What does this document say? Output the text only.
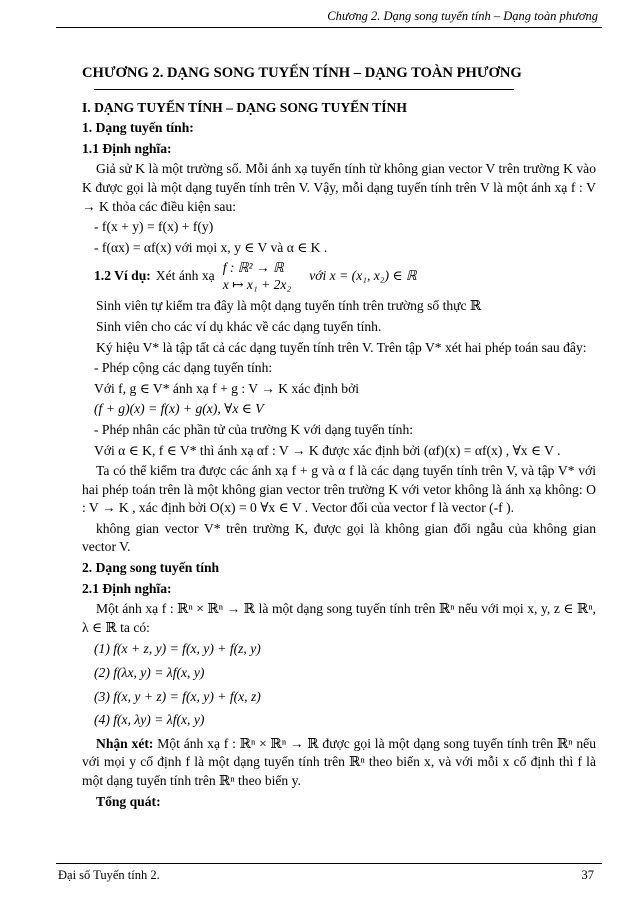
Chương 2. Dạng song tuyến tính – Dạng toàn phương

CHƯƠNG 2. DẠNG SONG TUYẾN TÍNH – DẠNG TOÀN PHƯƠNG

I. DẠNG TUYẾN TÍNH – DẠNG SONG TUYẾN TÍNH

1. Dạng tuyến tính:

1.1 Định nghĩa:

Giả sử K là một trường số. Mỗi ánh xạ tuyến tính từ không gian vector V trên trường K vào K được gọi là một dạng tuyến tính trên V. Vậy, mỗi dạng tuyến tính trên V là một ánh xạ f : V → K thỏa các điều kiện sau:

- f(x + y) = f(x) + f(y)

- f(αx) = αf(x) với mọi x, y ∈ V và α ∈ K .

1.2 Ví dụ: Xét ánh xạ
f : ℝ² → ℝ
x ↦ x₁ + 2x₂
với x = (x₁, x₂) ∈ ℝ

Sinh viên tự kiểm tra đây là một dạng tuyến tính trên trường số thực ℝ

Sinh viên cho các ví dụ khác về các dạng tuyến tính.

Ký hiệu V* là tập tất cả các dạng tuyến tính trên V. Trên tập V* xét hai phép toán sau đây:

- Phép cộng các dạng tuyến tính:

Với f, g ∈ V* ánh xạ f + g : V → K xác định bởi

(f + g)(x) = f(x) + g(x), ∀x ∈ V

- Phép nhân các phần tử của trường K với dạng tuyến tính:

Với α ∈ K, f ∈ V* thì ánh xạ αf : V → K được xác định bởi (αf)(x) = αf(x) , ∀x ∈ V .

Ta có thể kiểm tra được các ánh xạ f + g và α f là các dạng tuyến tính trên V, và tập V* với hai phép toán trên là một không gian vector trên trường K với vetor không là ánh xạ không: O : V → K , xác định bởi O(x) = 0 ∀x ∈ V . Vector đối của vector f là vector (-f ).

không gian vector V* trên trường K, được gọi là không gian đối ngẫu của không gian vector V.

2. Dạng song tuyến tính

2.1 Định nghĩa:

Một ánh xạ f : ℝⁿ × ℝⁿ → ℝ là một dạng song tuyến tính trên ℝⁿ nếu với mọi x, y, z ∈ ℝⁿ, λ ∈ ℝ ta có:

(1) f(x + z, y) = f(x, y) + f(z, y)

(2) f(λx, y) = λf(x, y)

(3) f(x, y + z) = f(x, y) + f(x, z)

(4) f(x, λy) = λf(x, y)

Nhận xét: Một ánh xạ f : ℝⁿ × ℝⁿ → ℝ được gọi là một dạng song tuyến tính trên ℝⁿ nếu với mọi y cố định f là một dạng tuyến tính trên ℝⁿ theo biến x, và với mỗi x cố định thì f là một dạng tuyến tính trên ℝⁿ theo biến y.

Tổng quát:

Đại số Tuyến tính 2.	37
